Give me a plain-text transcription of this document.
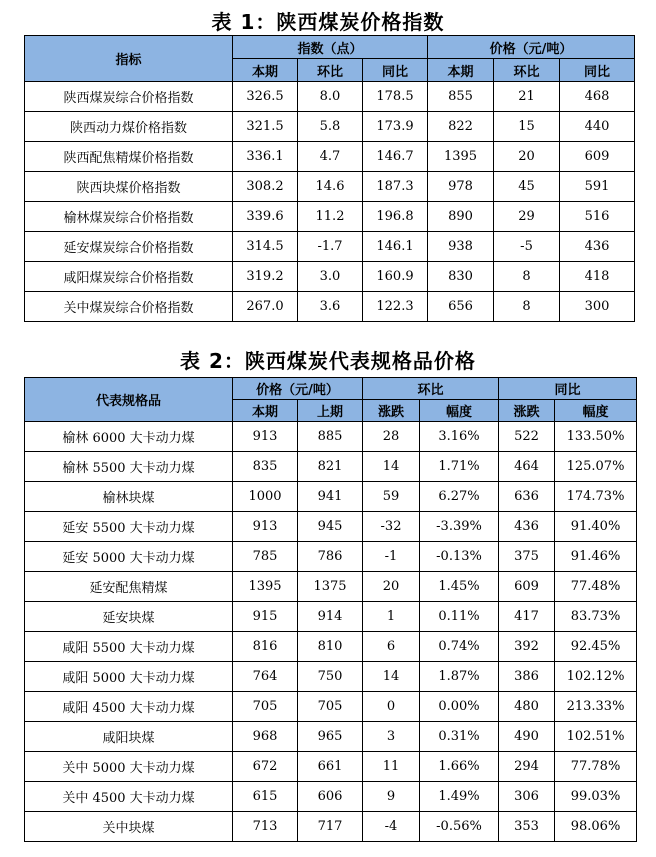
表 1：陕西煤炭价格指数
指标	指数（点）			价格（元/吨）		
	本期	环比	同比	本期	环比	同比
陕西煤炭综合价格指数	326.5	8.0	178.5	855	21	468
陕西动力煤价格指数	321.5	5.8	173.9	822	15	440
陕西配焦精煤价格指数	336.1	4.7	146.7	1395	20	609
陕西块煤价格指数	308.2	14.6	187.3	978	45	591
榆林煤炭综合价格指数	339.6	11.2	196.8	890	29	516
延安煤炭综合价格指数	314.5	-1.7	146.1	938	-5	436
咸阳煤炭综合价格指数	319.2	3.0	160.9	830	8	418
关中煤炭综合价格指数	267.0	3.6	122.3	656	8	300
表 2：陕西煤炭代表规格品价格
代表规格品	价格（元/吨）		环比		同比	
	本期	上期	涨跌	幅度	涨跌	幅度
榆林 6000 大卡动力煤	913	885	28	3.16%	522	133.50%
榆林 5500 大卡动力煤	835	821	14	1.71%	464	125.07%
榆林块煤	1000	941	59	6.27%	636	174.73%
延安 5500 大卡动力煤	913	945	-32	-3.39%	436	91.40%
延安 5000 大卡动力煤	785	786	-1	-0.13%	375	91.46%
延安配焦精煤	1395	1375	20	1.45%	609	77.48%
延安块煤	915	914	1	0.11%	417	83.73%
咸阳 5500 大卡动力煤	816	810	6	0.74%	392	92.45%
咸阳 5000 大卡动力煤	764	750	14	1.87%	386	102.12%
咸阳 4500 大卡动力煤	705	705	0	0.00%	480	213.33%
咸阳块煤	968	965	3	0.31%	490	102.51%
关中 5000 大卡动力煤	672	661	11	1.66%	294	77.78%
关中 4500 大卡动力煤	615	606	9	1.49%	306	99.03%
关中块煤	713	717	-4	-0.56%	353	98.06%
